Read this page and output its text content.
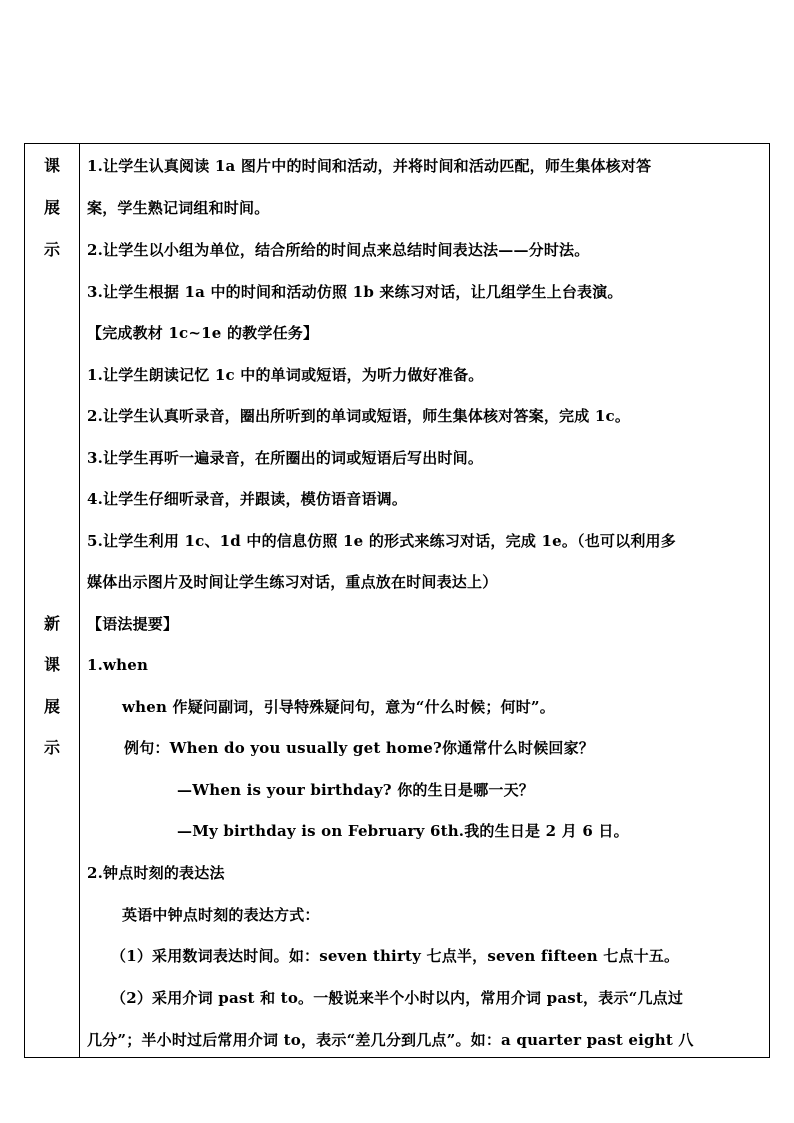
课
展
示
新
课
展
示
1.让学生认真阅读 1a 图片中的时间和活动，并将时间和活动匹配，师生集体核对答
案，学生熟记词组和时间。
2.让学生以小组为单位，结合所给的时间点来总结时间表达法——分时法。
3.让学生根据 1a 中的时间和活动仿照 1b 来练习对话，让几组学生上台表演。
【完成教材 1c~1e 的教学任务】
1.让学生朗读记忆 1c 中的单词或短语，为听力做好准备。
2.让学生认真听录音，圈出所听到的单词或短语，师生集体核对答案，完成 1c。
3.让学生再听一遍录音，在所圈出的词或短语后写出时间。
4.让学生仔细听录音，并跟读，模仿语音语调。
5.让学生利用 1c、1d 中的信息仿照 1e 的形式来练习对话，完成 1e。（也可以利用多
媒体出示图片及时间让学生练习对话，重点放在时间表达上）
【语法提要】
1.when
when 作疑问副词，引导特殊疑问句，意为“什么时候；何时”。
例句：When do you usually get home?你通常什么时候回家？
—When is your birthday? 你的生日是哪一天？
—My birthday is on February 6th.我的生日是 2 月 6 日。
2.钟点时刻的表达法
英语中钟点时刻的表达方式：
（1）采用数词表达时间。如：seven thirty 七点半，seven fifteen 七点十五。
（2）采用介词 past 和 to。一般说来半个小时以内，常用介词 past，表示“几点过
几分”；半小时过后常用介词 to，表示“差几分到几点”。如：a quarter past eight 八
